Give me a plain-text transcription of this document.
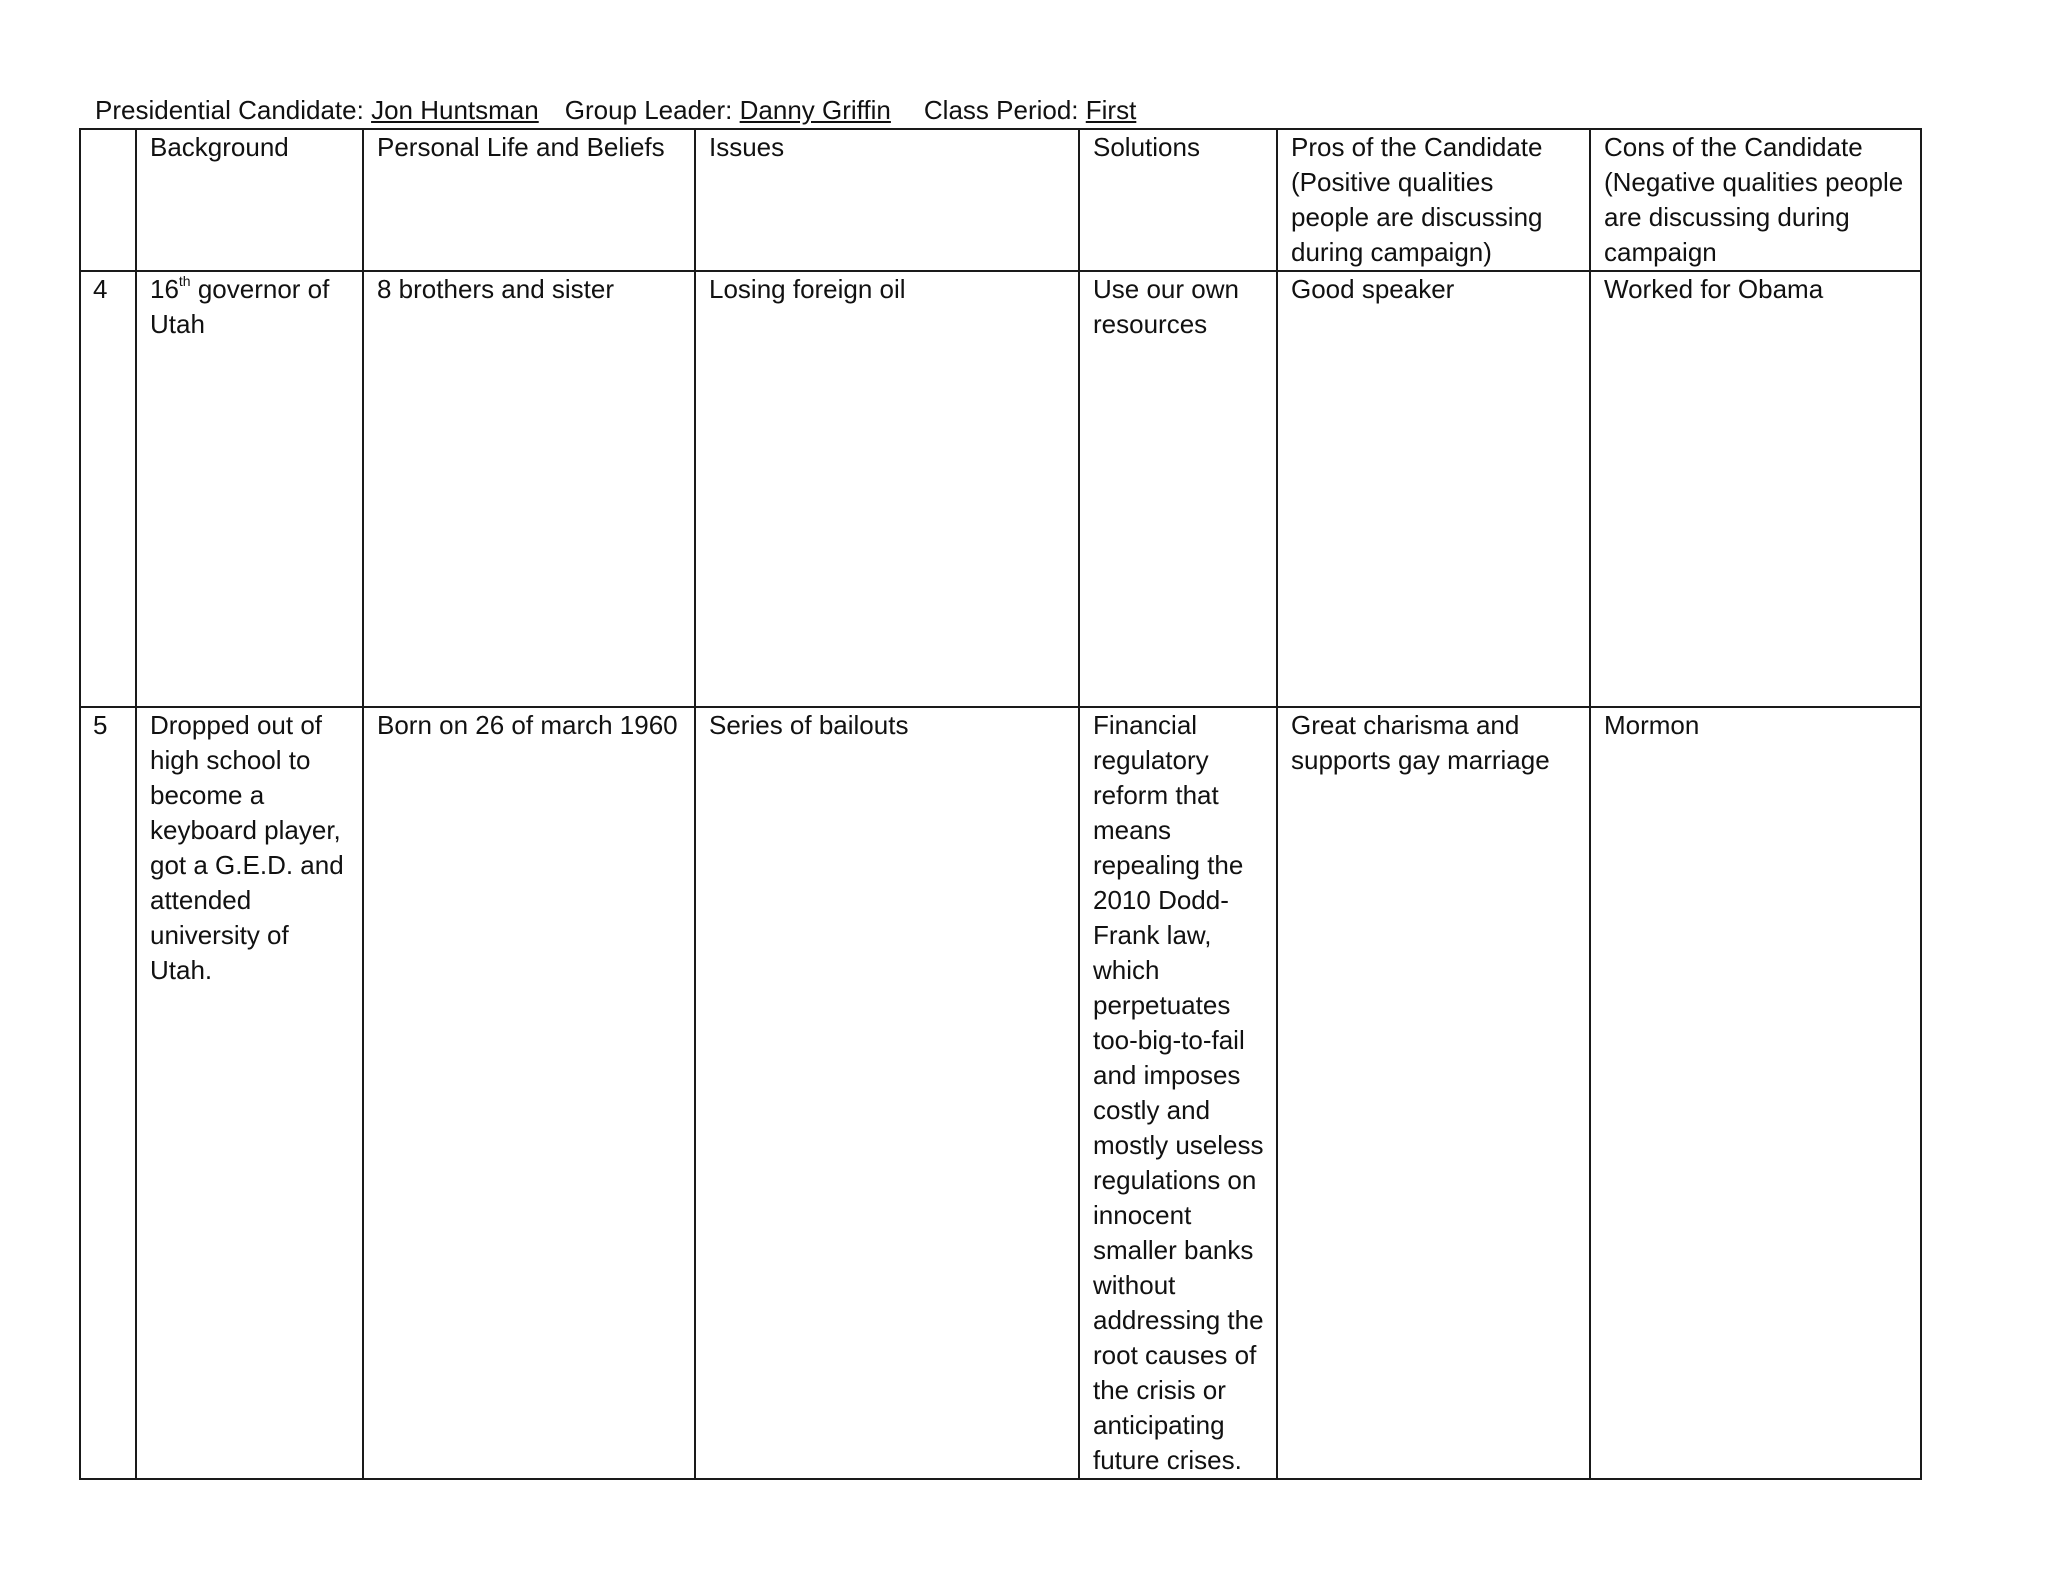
Presidential Candidate: Jon Huntsman Group Leader: Danny Griffin Class Period: First
	Background	Personal Life and Beliefs	Issues	Solutions	Pros of the Candidate (Positive qualities people are discussing during campaign)	Cons of the Candidate (Negative qualities people are discussing during campaign
4	16th governor of Utah	8 brothers and sister	Losing foreign oil	Use our own resources	Good speaker	Worked for Obama
5	Dropped out of high school to become a keyboard player, got a G.E.D. and attended university of Utah.	Born on 26 of march 1960	Series of bailouts	Financial regulatory reform that means repealing the 2010 Dodd-Frank law, which perpetuates too-big-to-fail and imposes costly and mostly useless regulations on innocent smaller banks without addressing the root causes of the crisis or anticipating future crises.	Great charisma and supports gay marriage	Mormon
